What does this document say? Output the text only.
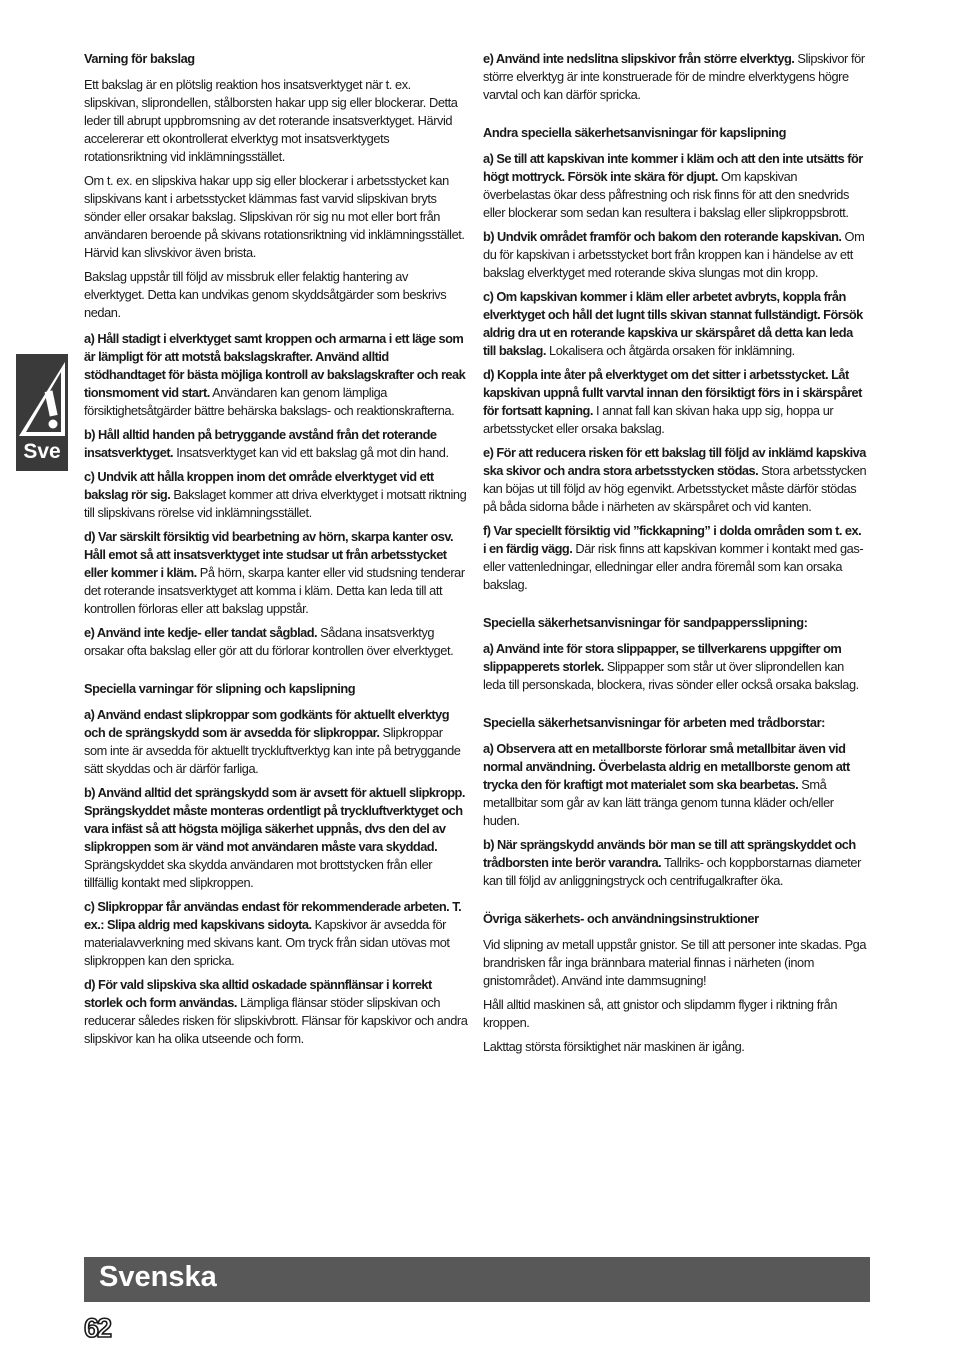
Sve
Varning för bakslag

Ett bakslag är en plötslig reaktion hos insatsverktyget när t. ex. slipskivan, sliprondellen, stålborsten hakar upp sig eller blockerar. Detta leder till abrupt uppbromsning av det roterande insatsverktyget. Härvid accelererar ett okontrollerat elverktyg mot insatsverktygets rotationsriktning vid inklämningsstället.

Om t. ex. en slipskiva hakar upp sig eller blockerar i arbetsstycket kan slipskivans kant i arbetsstycket klämmas fast varvid slipskivan bryts sönder eller orsakar bakslag. Slipskivan rör sig nu mot eller bort från användaren beroende på skivans rotationsriktning vid inklämningsstället. Härvid kan slivskivor även brista.

Bakslag uppstår till följd av missbruk eller felaktig hantering av elverktyget. Detta kan undvikas genom skyddsåtgärder som beskrivs nedan.

a) Håll stadigt i elverktyget samt kroppen och armarna i ett läge som är lämpligt för att motstå bakslagskrafter. Använd alltid stödhandtaget för bästa möjliga kontroll av bakslagskrafter och reak tionsmoment vid start. Användaren kan genom lämpliga försiktighetsåtgärder bättre behärska bakslags- och reaktionskrafterna.

b) Håll alltid handen på betryggande avstånd från det roterande insatsverktyget. Insatsverktyget kan vid ett bakslag gå mot din hand.

c) Undvik att hålla kroppen inom det område elverktyget vid ett bakslag rör sig. Bakslaget kommer att driva elverktyget i motsatt riktning till slipskivans rörelse vid inklämningsstället.

d) Var särskilt försiktig vid bearbetning av hörn, skarpa kanter osv. Håll emot så att insatsverktyget inte studsar ut från arbetsstycket eller kommer i kläm. På hörn, skarpa kanter eller vid studsning tenderar det roterande insatsverktyget att komma i kläm. Detta kan leda till att kontrollen förloras eller att bakslag uppstår.

e) Använd inte kedje- eller tandat sågblad. Sådana insatsverktyg orsakar ofta bakslag eller gör att du förlorar kontrollen över elverktyget.

Speciella varningar för slipning och kapslipning

a) Använd endast slipkroppar som godkänts för aktuellt elverktyg och de sprängskydd som är avsedda för slipkroppar. Slipkroppar som inte är avsedda för aktuellt tryckluftverktyg kan inte på betryggande sätt skyddas och är därför farliga.

b) Använd alltid det sprängskydd som är avsett för aktuell slipkropp. Sprängskyddet måste monteras ordentligt på tryckluftverktyget och vara infäst så att högsta möjliga säkerhet uppnås, dvs den del av slipkroppen som är vänd mot användaren måste vara skyddad. Sprängskyddet ska skydda användaren mot brottstycken från eller tillfällig kontakt med slipkroppen.

c) Slipkroppar får användas endast för rekommenderade arbeten. T. ex.: Slipa aldrig med kapskivans sidoyta. Kapskivor är avsedda för materialavverkning med skivans kant. Om tryck från sidan utövas mot slipkroppen kan den spricka.

d) För vald slipskiva ska alltid oskadade spännflänsar i korrekt storlek och form användas. Lämpliga flänsar stöder slipskivan och reducerar således risken för slipskivbrott. Flänsar för kapskivor och andra slipskivor kan ha olika utseende och form.

e) Använd inte nedslitna slipskivor från större elverktyg. Slipskivor för större elverktyg är inte konstruerade för de mindre elverktygens högre varvtal och kan därför spricka.

Andra speciella säkerhetsanvisningar för kapslipning

a) Se till att kapskivan inte kommer i kläm och att den inte utsätts för högt mottryck. Försök inte skära för djupt. Om kapskivan överbelastas ökar dess påfrestning och risk finns för att den snedvrids eller blockerar som sedan kan resultera i bakslag eller slipkroppsbrott.

b) Undvik området framför och bakom den roterande kapskivan. Om du för kapskivan i arbetsstycket bort från kroppen kan i händelse av ett bakslag elverktyget med roterande skiva slungas mot din kropp.

c) Om kapskivan kommer i kläm eller arbetet avbryts, koppla från elverktyget och håll det lugnt tills skivan stannat fullständigt. Försök aldrig dra ut en roterande kapskiva ur skärspåret då detta kan leda till bakslag. Lokalisera och åtgärda orsaken för inklämning.

d) Koppla inte åter på elverktyget om det sitter i arbetsstycket. Låt kapskivan uppnå fullt varvtal innan den försiktigt förs in i skärspåret för fortsatt kapning. I annat fall kan skivan haka upp sig, hoppa ur arbetsstycket eller orsaka bakslag.

e) För att reducera risken för ett bakslag till följd av inklämd kapskiva ska skivor och andra stora arbetsstycken stödas. Stora arbetsstycken kan böjas ut till följd av hög egenvikt. Arbetsstycket måste därför stödas på båda sidorna både i närheten av skärspåret och vid kanten.

f) Var speciellt försiktig vid ”fickkapning” i dolda områden som t. ex. i en färdig vägg. Där risk finns att kapskivan kommer i kontakt med gas- eller vattenledningar, elledningar eller andra föremål som kan orsaka bakslag.

Speciella säkerhetsanvisningar för sandpappersslipning:

a) Använd inte för stora slippapper, se tillverkarens uppgifter om slippapperets storlek. Slippapper som står ut över sliprondellen kan leda till personskada, blockera, rivas sönder eller också orsaka bakslag.

Speciella säkerhetsanvisningar för arbeten med trådborstar:

a) Observera att en metallborste förlorar små metallbitar även vid normal användning. Överbelasta aldrig en metallborste genom att trycka den för kraftigt mot materialet som ska bearbetas. Små metallbitar som går av kan lätt tränga genom tunna kläder och/eller huden.

b) När sprängskydd används bör man se till att sprängskyddet och trådborsten inte berör varandra. Tallriks- och koppborstarnas diameter kan till följd av anliggningstryck och centrifugalkrafter öka.

Övriga säkerhets- och användningsinstruktioner

Vid slipning av metall uppstår gnistor. Se till att personer inte skadas. Pga brandrisken får inga brännbara material finnas i närheten (inom gnistområdet). Använd inte dammsugning!

Håll alltid maskinen så, att gnistor och slipdamm flyger i riktning från kroppen.

Lakttag största försiktighet när maskinen är igång.

Svenska
62
